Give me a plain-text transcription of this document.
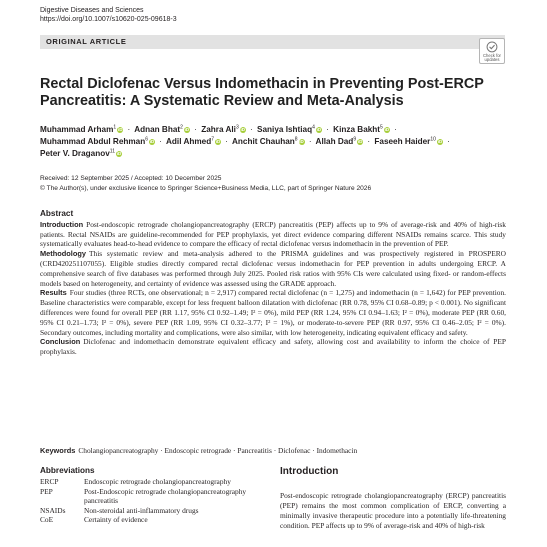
Digestive Diseases and Sciences
https://doi.org/10.1007/s10620-025-09618-3
ORIGINAL ARTICLE
Check for
updates
Rectal Diclofenac Versus Indomethacin in Preventing Post-ERCP Pancreatitis: A Systematic Review and Meta-Analysis
Muhammad Arham$^1$ iD · Adnan Bhat$^2$ iD · Zahra Ali$^3$ iD · Saniya Ishtiaq$^4$ iD · Kinza Bakht$^5$ iD · Muhammad Abdul Rehman$^6$ iD · Adil Ahmed$^7$ iD · Anchit Chauhan$^8$ iD · Allah Dad$^9$ iD · Faseeh Haider$^{10}$ iD · Peter V. Draganov$^{11}$ iD
Received: 12 September 2025 / Accepted: 10 December 2025
© The Author(s), under exclusive licence to Springer Science+Business Media, LLC, part of Springer Nature 2026
Abstract

Introduction Post-endoscopic retrograde cholangiopancreatography (ERCP) pancreatitis (PEP) affects up to 9% of average-risk and 40% of high-risk patients. Rectal NSAIDs are guideline-recommended for PEP prophylaxis, yet direct evidence comparing different NSAIDs remains scarce. This study systematically evaluates head-to-head evidence to compare the efficacy of rectal diclofenac versus indomethacin in the prevention of PEP.

Methodology This systematic review and meta-analysis adhered to the PRISMA guidelines and was prospectively registered in PROSPERO (CRD420251107055). Eligible studies directly compared rectal diclofenac versus indomethacin for PEP prevention in adults undergoing ERCP. A comprehensive search of five databases was performed through July 2025. Pooled risk ratios with 95% CIs were calculated using fixed- or random-effects models based on heterogeneity, and certainty of evidence was assessed using the GRADE approach.

Results Four studies (three RCTs, one observational; n = 2,917) compared rectal diclofenac (n = 1,275) and indomethacin (n = 1,642) for PEP prevention. Baseline characteristics were comparable, except for less frequent balloon dilatation with diclofenac (RR 0.78, 95% CI 0.68–0.89; p < 0.001). No significant differences were found for overall PEP (RR 1.17, 95% CI 0.92–1.49; I² = 0%), mild PEP (RR 1.24, 95% CI 0.94–1.63; I² = 0%), moderate PEP (RR 0.60, 95% CI 0.21–1.73; I² = 0%), severe PEP (RR 1.09, 95% CI 0.32–3.77; I² = 1%), or moderate-to-severe PEP (RR 0.97, 95% CI 0.46–2.05; I² = 0%). Secondary outcomes, including mortality and complications, were also similar, with low heterogeneity, indicating equivalent efficacy and safety.

Conclusion Diclofenac and indomethacin demonstrate equivalent efficacy and safety, allowing cost and availability to inform the choice of PEP prophylaxis.

Keywords Cholangiopancreatography · Endoscopic retrograde · Pancreatitis · Diclofenac · Indomethacin
Abbreviations
ERCP	Endoscopic retrograde cholangiopancreatography
PEP	Post-Endoscopic retrograde cholangiopancreatography pancreatitis
NSAIDs	Non-steroidal anti-inflammatory drugs
CoE	Certainty of evidence
Introduction

Post-endoscopic retrograde cholangiopancreatography (ERCP) pancreatitis (PEP) remains the most common complication of ERCP, converting a minimally invasive therapeutic procedure into a potentially life-threatening condition. PEP affects up to 9% of average-risk and 40% of high-risk
